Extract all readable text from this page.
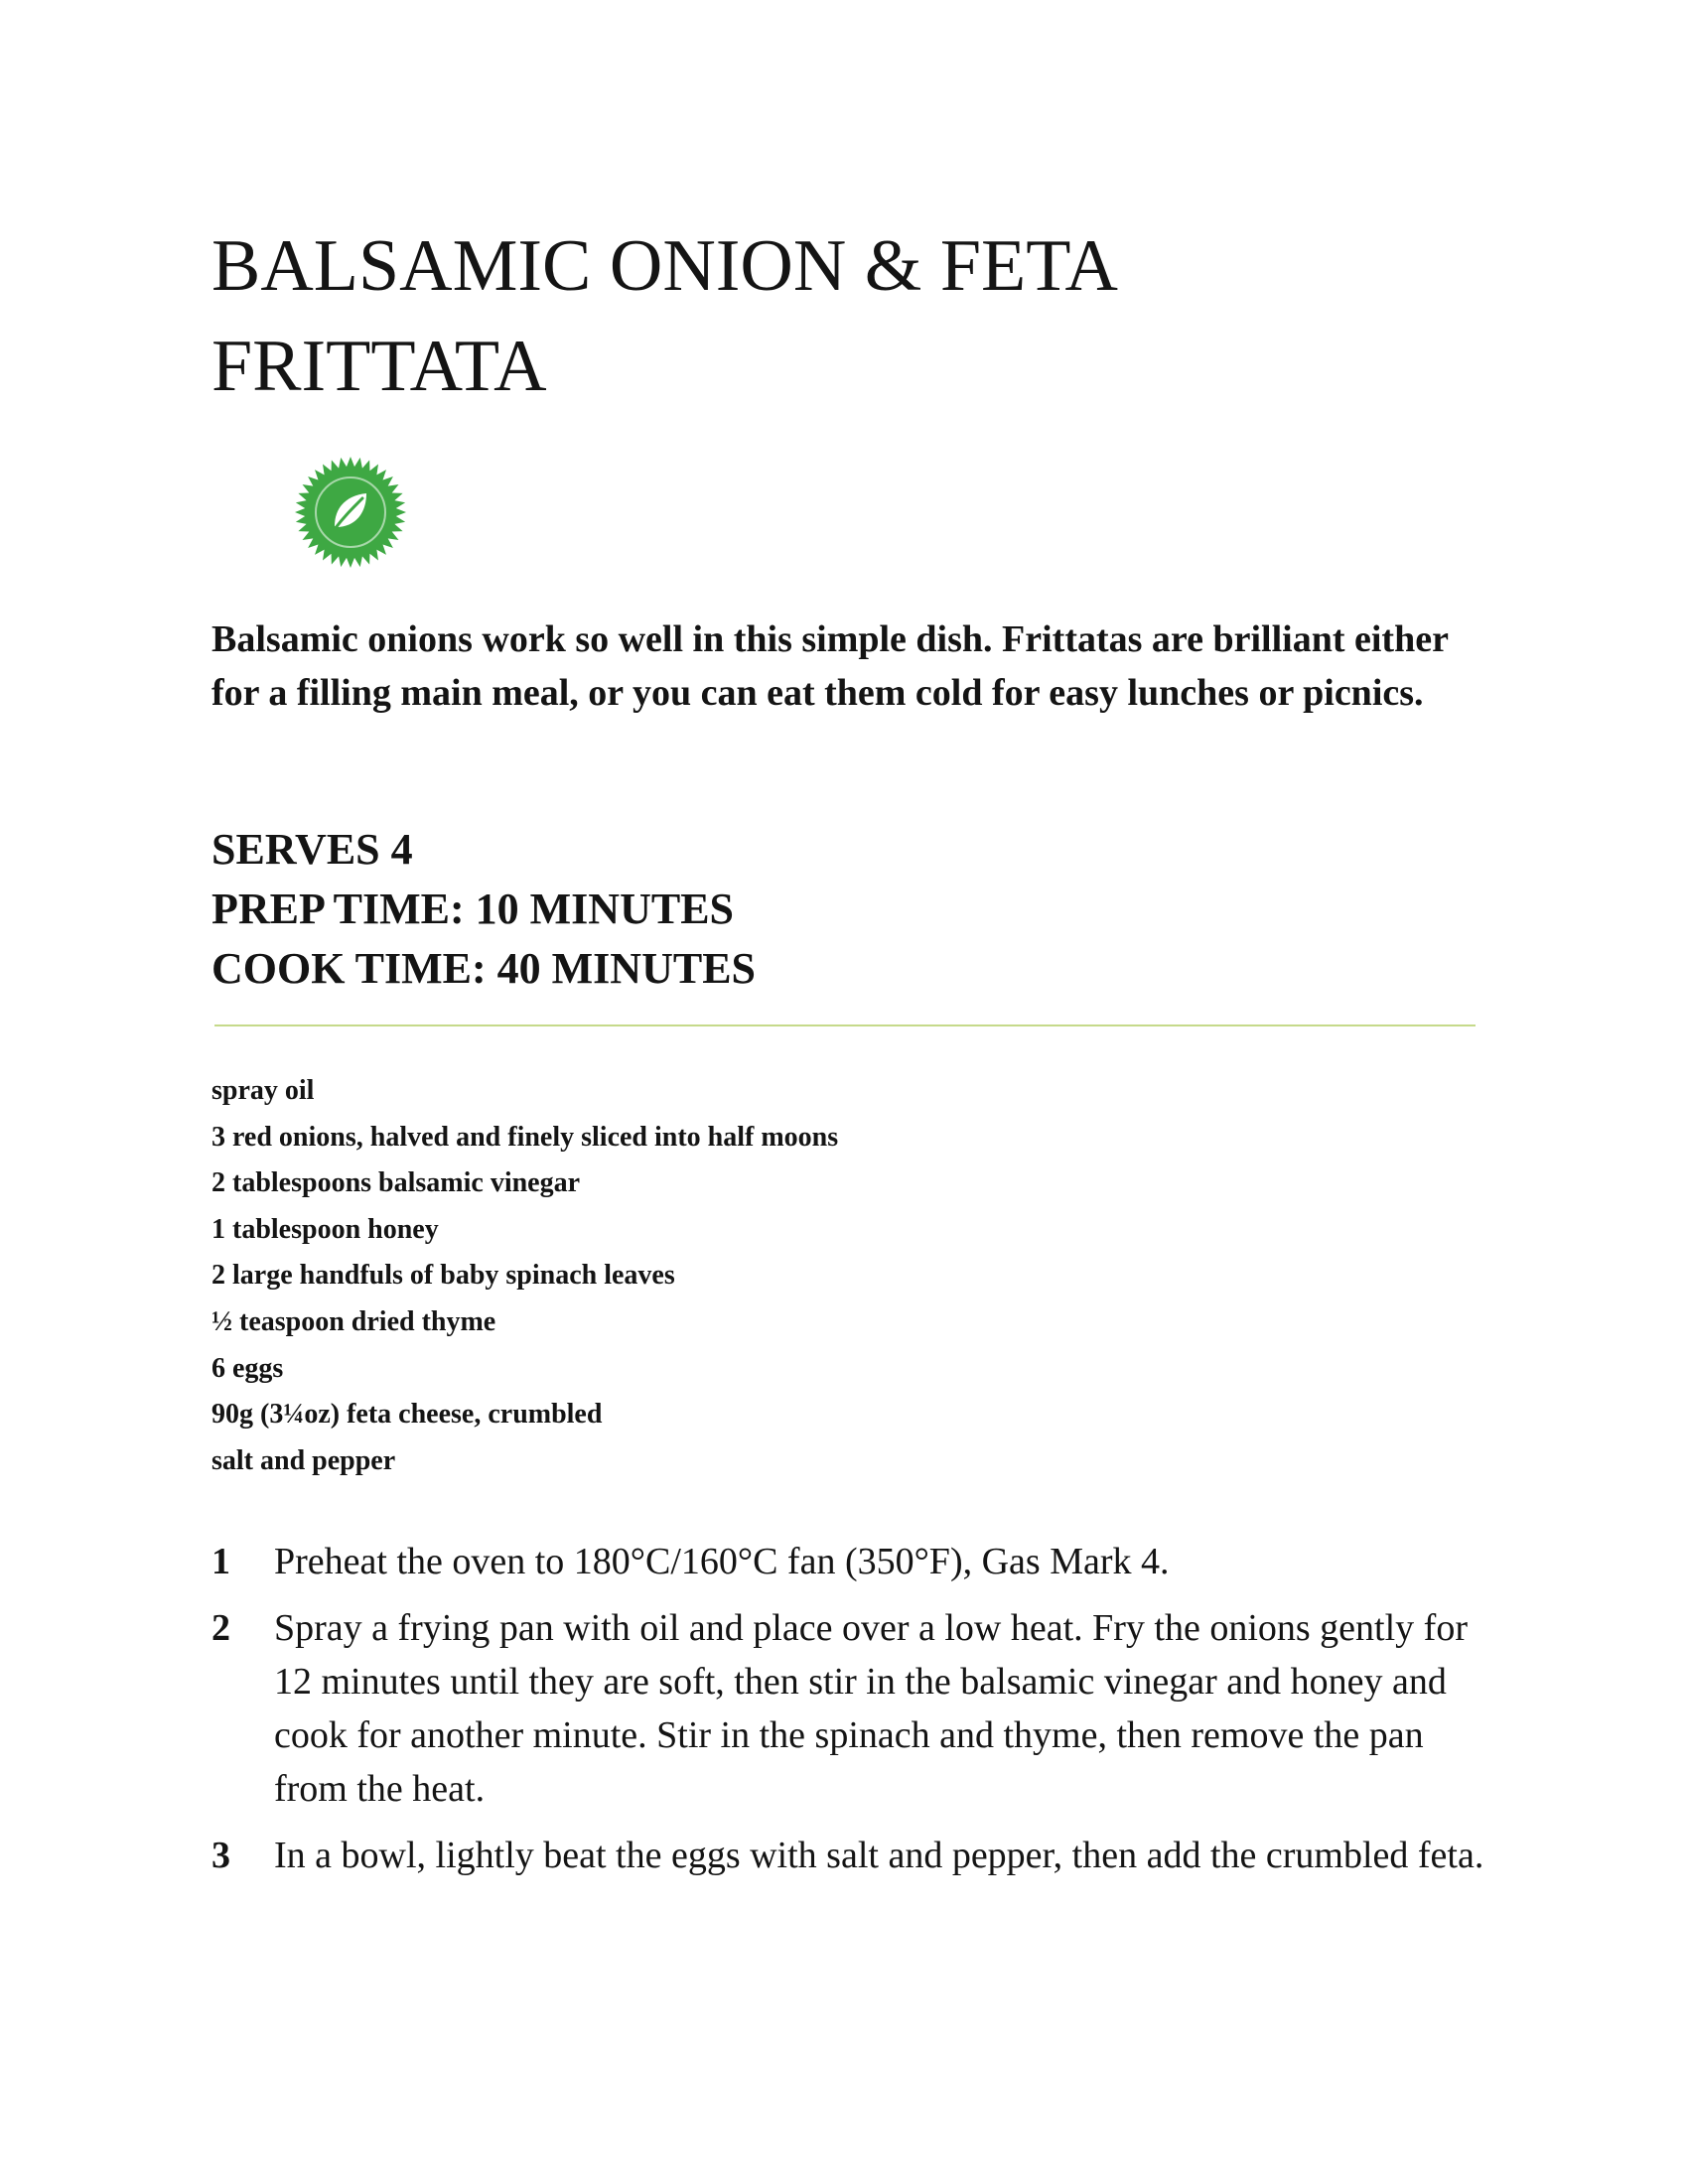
BALSAMIC ONION & FETA
FRITTATA

Balsamic onions work so well in this simple dish. Frittatas are brilliant either for a filling main meal, or you can eat them cold for easy lunches or picnics.

SERVES 4
PREP TIME: 10 MINUTES
COOK TIME: 40 MINUTES
spray oil
3 red onions, halved and finely sliced into half moons
2 tablespoons balsamic vinegar
1 tablespoon honey
2 large handfuls of baby spinach leaves
½ teaspoon dried thyme
6 eggs
90g (3¼oz) feta cheese, crumbled
salt and pepper
1 Preheat the oven to 180°C/160°C fan (350°F), Gas Mark 4.
2 Spray a frying pan with oil and place over a low heat. Fry the onions gently for 12 minutes until they are soft, then stir in the balsamic vinegar and honey and cook for another minute. Stir in the spinach and thyme, then remove the pan from the heat.
3 In a bowl, lightly beat the eggs with salt and pepper, then add the crumbled feta.
